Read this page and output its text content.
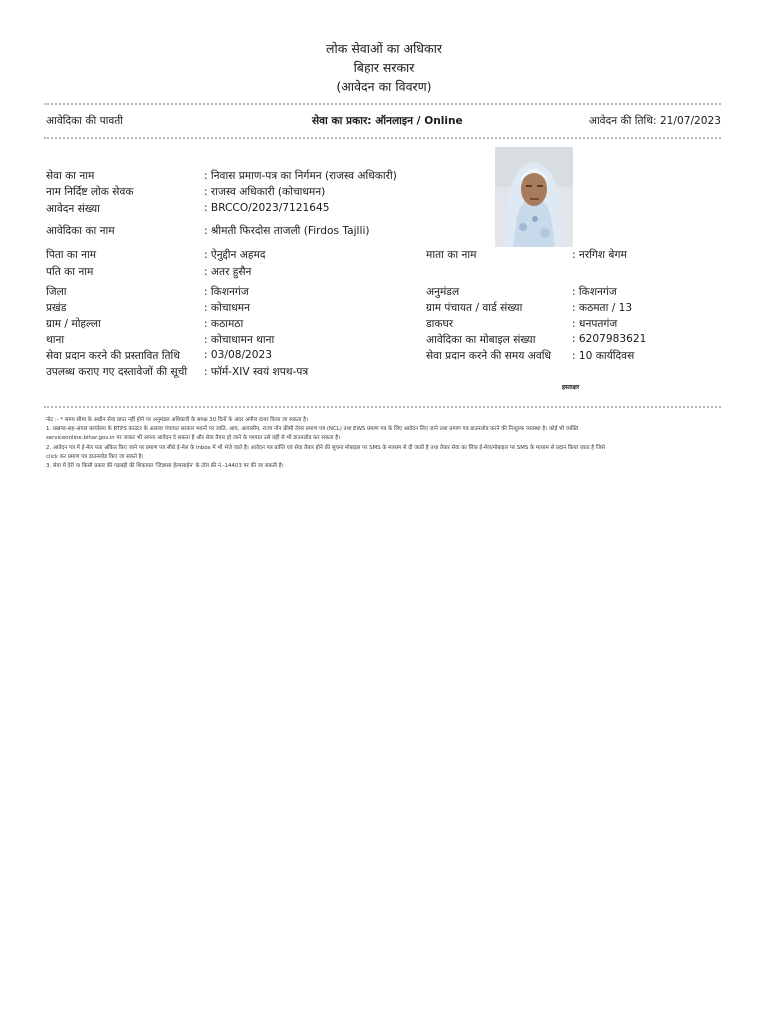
लोक सेवाओं का अधिकार
बिहार सरकार
(आवेदन का विवरण)
आवेदिका की पावती	सेवा का प्रकार: ऑनलाइन / Online	आवेदन की तिथि: 21/07/2023
सेवा का नाम	: निवास प्रमाण-पत्र का निर्गमन (राजस्व अधिकारी)
नाम निर्दिष्ट लोक सेवक	: राजस्व अधिकारी (कोचाधमन)
आवेदन संख्या	: BRCCO/2023/7121645
आवेदिका का नाम	: श्रीमती फिरदोस ताजली (Firdos Tajlli)
पिता का नाम	: ऐनुद्दीन अहमद	माता का नाम	: नरगिश बेगम
पति का नाम	: अतर हुसैन
जिला	: किशनगंज	अनुमंडल	: किशनगंज
प्रखंड	: कोचाधमन	ग्राम पंचायत / वार्ड संख्या	: कठमता / 13
ग्राम / मोहल्ला	: कठामठा	डाकघर	: धनपतगंज
थाना	: कोचाधामन थाना	आवेदिका का मोबाइल संख्या	: 6207983621
सेवा प्रदान करने की प्रस्तावित तिथि : 03/08/2023	सेवा प्रदान करने की समय अवधि : 10 कार्यदिवस
उपलब्ध कराए गए दस्तावेजों की सूची : फॉर्म-XIV स्वयं शपथ-पत्र
हस्ताक्षर
नोट :- * समय सीमा के अधीन सेवा प्राप्त नहीं होने पर अनुमंडल अधिकारी के समक्ष 30 दिनों के अंदर अपील दायर किया जा सकता है।
1. प्रखण्ड-सह-अंचल कार्यालय के RTPS काउंटर के अलावा पंचायत सरकार भवनों पर जाति, आय, आवासीय, राज्य नॉन क्रीमी लेयर प्रमाण पत्र (NCL) तथा EWS प्रमाण पत्र के लिए आवेदन लिए जाने तथा प्रमाण पत्र डाउनलोड करने की निःशुल्क व्यवस्था है। कोई भी व्यक्ति
serviceonline.bihar.gov.in पर जाकर भी अपना आवेदन दे सकता है और सेवा तैयार हो जाने के पश्चात उसे वहीं से भी डाउनलोड कर सकता है।
2. आवेदन पत्र में ई-मेल पता अंकित किए जाने पर प्रमाण पत्र सीधे ई-मेल के Inbox में भी भेजे जाते है। आवेदन पत्र प्राप्ति एवं सेवा तैयार होने की सूचना मोबाइल पर SMS के माध्यम से दी जाती है तथा तैयार सेवा का लिंक ई-मेल/मोबाइल पर SMS के माध्यम से प्रदान किया जाता है जिसे
click कर प्रमाण पत्र डाउनलोड किए जा सकते है।
3. सेवा में देरी या किसी प्रकार की गड़बड़ी की शिकायत 'जिज्ञासा हेल्पलाईन' के टॉल फ्री नं.-14403 पर की जा सकती है।
